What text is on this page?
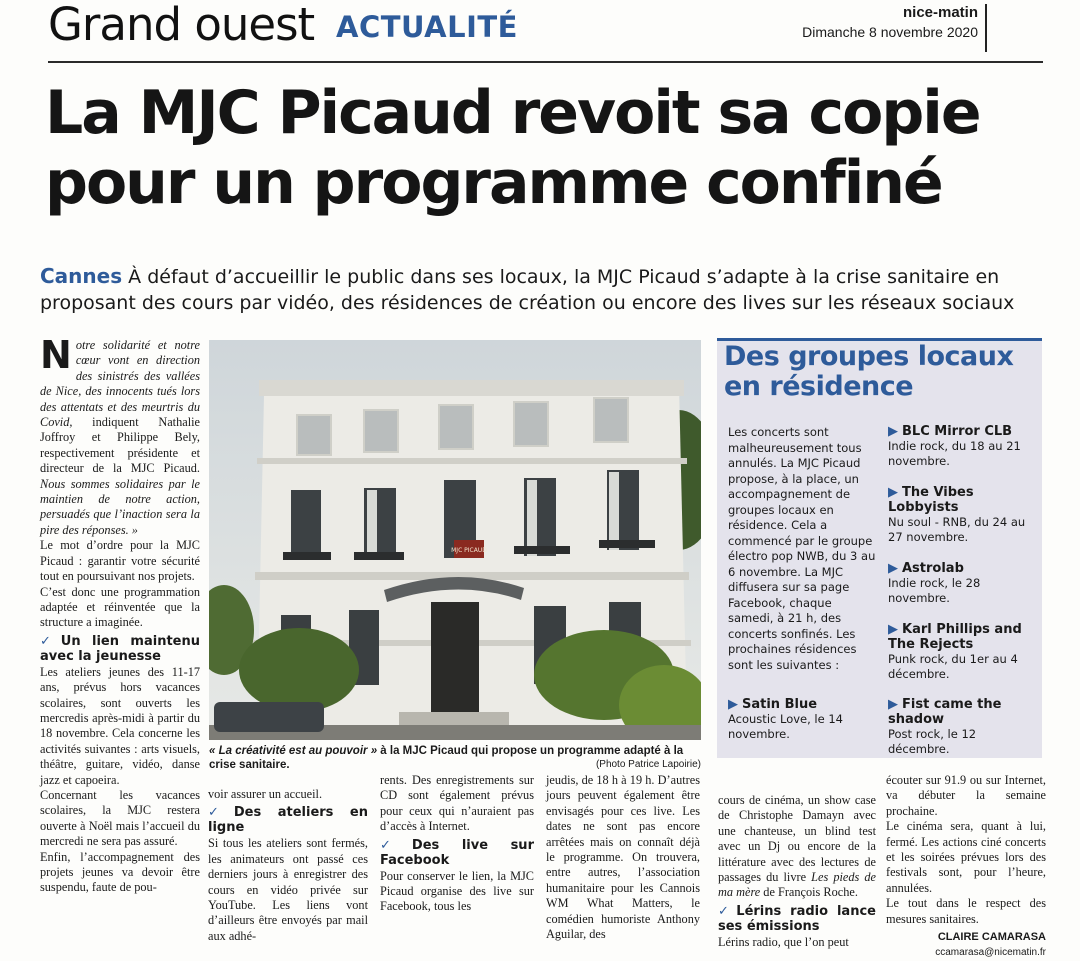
Grand ouest ACTUALITÉ	nice-matin
Dimanche 8 novembre 2020
La MJC Picaud revoit sa copie
pour un programme confiné
Cannes À défaut d’accueillir le public dans ses locaux, la MJC Picaud s’adapte à la crise sanitaire en proposant des cours par vidéo, des résidences de création ou encore des lives sur les réseaux sociaux

Notre solidarité et notre cœur vont en direction des sinistrés des vallées de Nice, des innocents tués lors des attentats et des meurtris du Covid, indiquent Nathalie Joffroy et Philippe Bely, respectivement présidente et directeur de la MJC Picaud. Nous sommes solidaires par le maintien de notre action, persuadés que l’inaction sera la pire des réponses. »

Le mot d’ordre pour la MJC Picaud : garantir votre sécurité tout en poursuivant nos projets.

C’est donc une programmation adaptée et réinventée que la structure a imaginée.

✓ Un lien maintenu avec la jeunesse

Les ateliers jeunes des 11-17 ans, prévus hors vacances scolaires, sont ouverts les mercredis après-midi à partir du 18 novembre. Cela concerne les activités suivantes : arts visuels, théâtre, guitare, vidéo, danse jazz et capoeira.

Concernant les vacances scolaires, la MJC restera ouverte à Noël mais l’accueil du mercredi ne sera pas assuré.

Enfin, l’accompagnement des projets jeunes va devoir être suspendu, faute de pou-

MJC PICAUD
« La créativité est au pouvoir » à la MJC Picaud qui propose un programme adapté à la crise sanitaire.	(Photo Patrice Lapoirie)
Des groupes locaux en résidence
Les concerts sont malheureusement tous annulés. La MJC Picaud propose, à la place, un accompagnement de groupes locaux en résidence. Cela a commencé par le groupe électro pop NWB, du 3 au 6 novembre. La MJC diffusera sur sa page Facebook, chaque samedi, à 21 h, des concerts sonfinés. Les prochaines résidences sont les suivantes :
▶ Satin Blue
Acoustic Love, le 14 novembre.
▶ BLC Mirror CLB
Indie rock, du 18 au 21 novembre.
▶ The Vibes Lobbyists
Nu soul - RNB, du 24 au 27 novembre.
▶ Astrolab
Indie rock, le 28 novembre.
▶ Karl Phillips and The Rejects
Punk rock, du 1er au 4 décembre.
▶ Fist came the shadow
Post rock, le 12 décembre.

voir assurer un accueil.

✓ Des ateliers en ligne

Si tous les ateliers sont fermés, les animateurs ont passé ces derniers jours à enregistrer des cours en vidéo privée sur YouTube. Les liens vont d’ailleurs être envoyés par mail aux adhé-

rents. Des enregistrements sur CD sont également prévus pour ceux qui n’auraient pas d’accès à Internet.

✓ Des live sur Facebook

Pour conserver le lien, la MJC Picaud organise des live sur Facebook, tous les

jeudis, de 18 h à 19 h. D’autres jours peuvent également être envisagés pour ces live. Les dates ne sont pas encore arrêtées mais on connaît déjà le programme. On trouvera, entre autres, l’association humanitaire pour les Cannois WM What Matters, le comédien humoriste Anthony Aguilar, des

cours de cinéma, un show case de Christophe Damayn avec une chanteuse, un blind test avec un Dj ou encore de la littérature avec des lectures de passages du livre Les pieds de ma mère de François Roche.

✓ Lérins radio lance ses émissions

Lérins radio, que l’on peut

écouter sur 91.9 ou sur Internet, va débuter la semaine prochaine.

Le cinéma sera, quant à lui, fermé. Les actions ciné concerts et les soirées prévues lors des festivals sont, pour l’heure, annulées.

Le tout dans le respect des mesures sanitaires.

CLAIRE CAMARASA
ccamarasa@nicematin.fr
